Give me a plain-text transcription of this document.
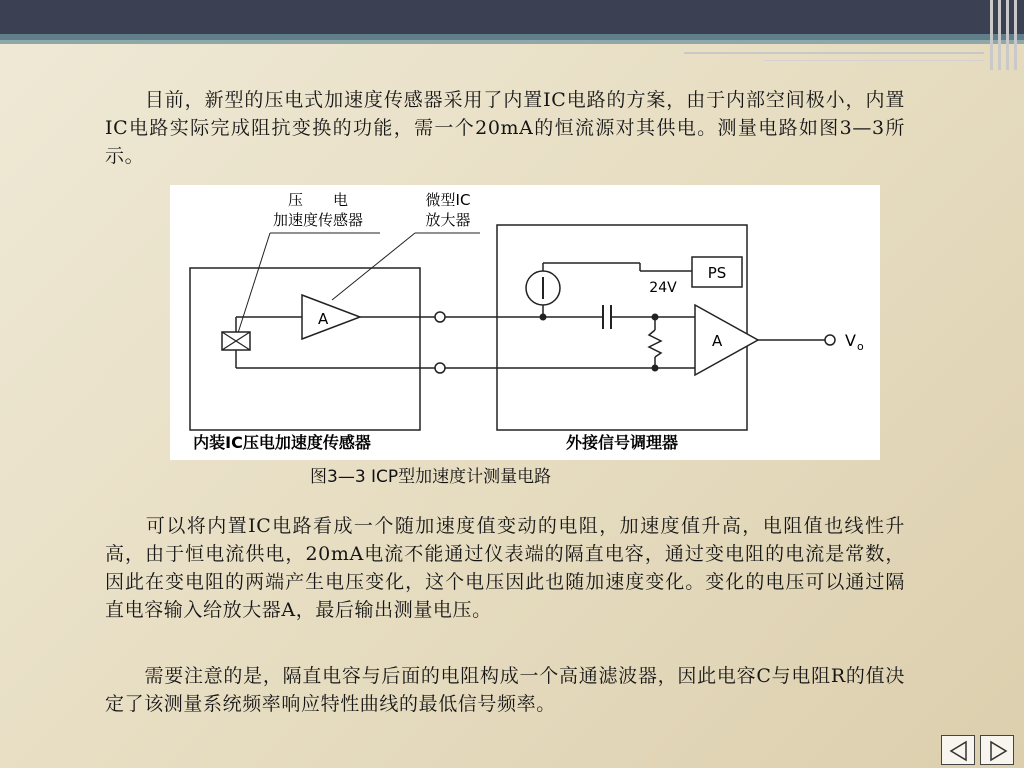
　　目前，新型的压电式加速度传感器采用了内置IC电路的方案，由于内部空间极小，内置IC电路实际完成阻抗变换的功能，需一个20mA的恒流源对其供电。测量电路如图3—3所示。

压　　电
加速度传感器
微型IC
放大器
A
PS
24V
A	V o
内装IC压电加速度传感器	外接信号调理器
图3—3 ICP型加速度计测量电路

　　可以将内置IC电路看成一个随加速度值变动的电阻，加速度值升高，电阻值也线性升高，由于恒电流供电，20mA电流不能通过仪表端的隔直电容，通过变电阻的电流是常数，因此在变电阻的两端产生电压变化，这个电压因此也随加速度变化。变化的电压可以通过隔直电容输入给放大器A，最后输出测量电压。

　　需要注意的是，隔直电容与后面的电阻构成一个高通滤波器，因此电容C与电阻R的值决定了该测量系统频率响应特性曲线的最低信号频率。
